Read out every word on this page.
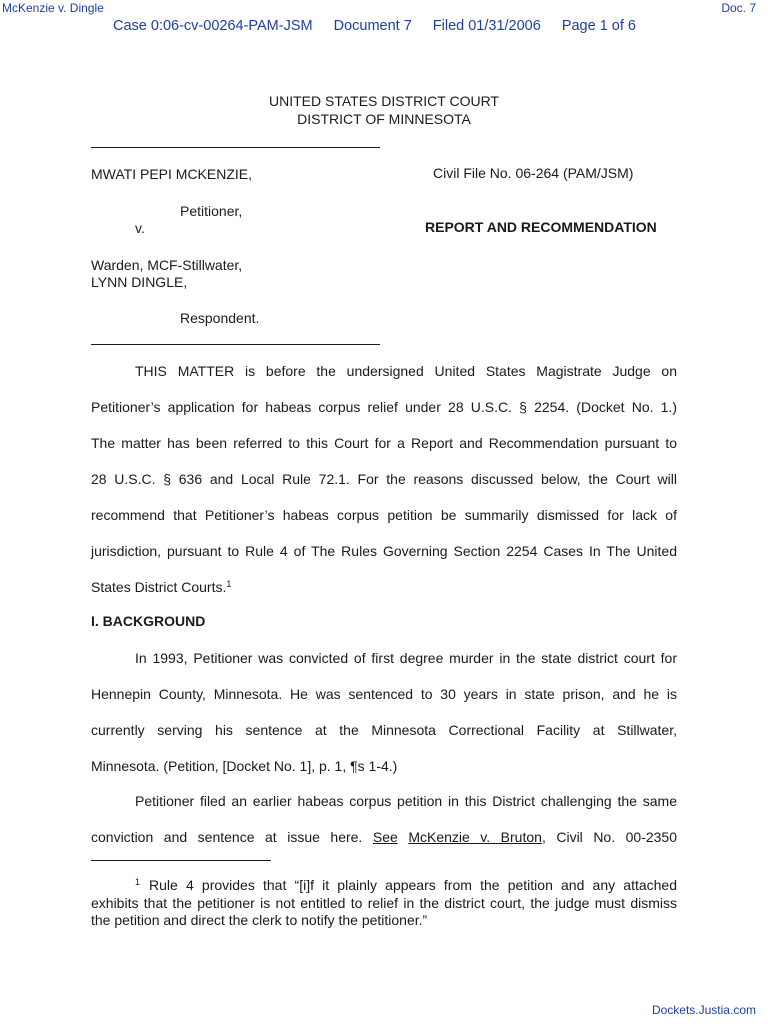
McKenzie v. Dingle	Doc. 7
Case 0:06-cv-00264-PAM-JSM Document 7 Filed 01/31/2006 Page 1 of 6
UNITED STATES DISTRICT COURT
DISTRICT OF MINNESOTA
MWATI PEPI MCKENZIE,	Civil File No. 06-264 (PAM/JSM)
Petitioner,
v.	REPORT AND RECOMMENDATION
Warden, MCF-Stillwater,
LYNN DINGLE,
Respondent.
THIS MATTER is before the undersigned United States Magistrate Judge on
Petitioner’s application for habeas corpus relief under 28 U.S.C. § 2254. (Docket No. 1.)
The matter has been referred to this Court for a Report and Recommendation pursuant to
28 U.S.C. § 636 and Local Rule 72.1. For the reasons discussed below, the Court will
recommend that Petitioner’s habeas corpus petition be summarily dismissed for lack of
jurisdiction, pursuant to Rule 4 of The Rules Governing Section 2254 Cases In The United
States District Courts.$^1$
I. BACKGROUND
In 1993, Petitioner was convicted of first degree murder in the state district court for
Hennepin County, Minnesota. He was sentenced to 30 years in state prison, and he is
currently serving his sentence at the Minnesota Correctional Facility at Stillwater,
Minnesota. (Petition, [Docket No. 1], p. 1, ¶s 1-4.)
Petitioner filed an earlier habeas corpus petition in this District challenging the same
conviction and sentence at issue here. See McKenzie v. Bruton, Civil No. 00-2350
$^1$ Rule 4 provides that “[i]f it plainly appears from the petition and any attached
exhibits that the petitioner is not entitled to relief in the district court, the judge must dismiss
the petition and direct the clerk to notify the petitioner.”
Dockets.Justia.com
